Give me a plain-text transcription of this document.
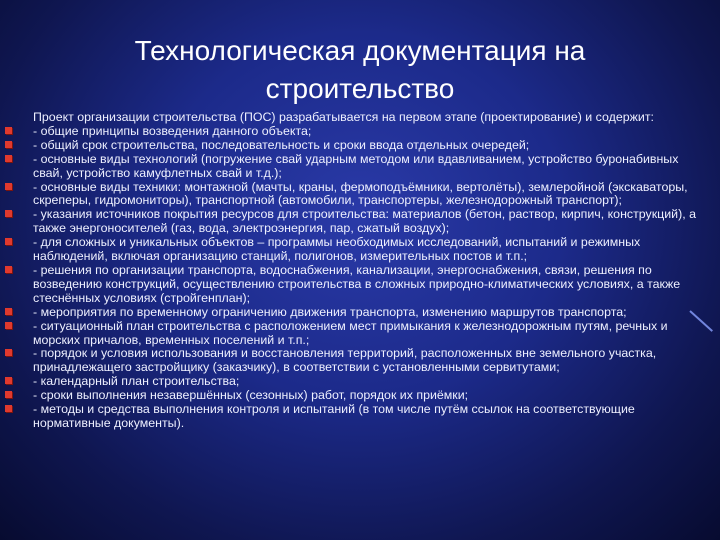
Технологическая документация на
строительство
Проект организации строительства (ПОС) разрабатывается на первом этапе (проектирование) и содержит:
- общие принципы возведения данного объекта;
- общий срок строительства, последовательность и сроки ввода отдельных очередей;
- основные виды технологий (погружение свай ударным методом или вдавливанием, устройство буронабивных свай, устройство камуфлетных свай и т.д.);
- основные виды техники: монтажной (мачты, краны, фермоподъёмники, вертолёты), землеройной (экскаваторы, скреперы, гидромониторы), транспортной (автомобили, транспортеры, железнодорожный транспорт);
- указания источников покрытия ресурсов для строительства: материалов (бетон, раствор, кирпич, конструкций), а также энергоносителей (газ, вода, электроэнергия, пар, сжатый воздух);
- для сложных и уникальных объектов – программы необходимых исследований, испытаний и режимных наблюдений, включая организацию станций, полигонов, измерительных постов и т.п.;
- решения по организации транспорта, водоснабжения, канализации, энергоснабжения, связи, решения по возведению конструкций, осуществлению строительства в сложных природно-климатических условиях, а также стеснённых условиях (стройгенплан);
- мероприятия по временному ограничению движения транспорта, изменению маршрутов транспорта;
- ситуационный план строительства с расположением мест примыкания к железнодорожным путям, речных и морских причалов, временных поселений и т.п.;
- порядок и условия использования и восстановления территорий, расположенных вне земельного участка, принадлежащего застройщику (заказчику), в соответствии с установленными сервитутами;
- календарный план строительства;
- сроки выполнения незавершённых (сезонных) работ, порядок их приёмки;
- методы и средства выполнения контроля и испытаний (в том числе путём ссылок на соответствующие нормативные документы).
